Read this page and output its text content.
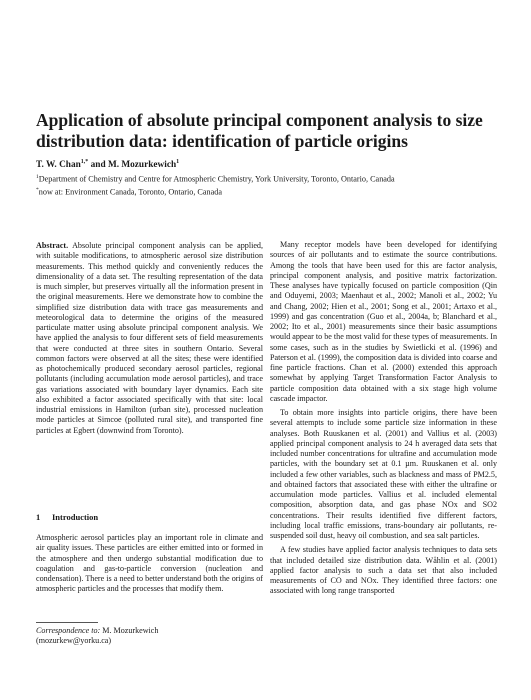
Application of absolute principal component analysis to size distribution data: identification of particle origins
T. W. Chan$^{1,*}$ and M. Mozurkewich$^1$
$^1$Department of Chemistry and Centre for Atmospheric Chemistry, York University, Toronto, Ontario, Canada
*now at: Environment Canada, Toronto, Ontario, Canada

Abstract. Absolute principal component analysis can be applied, with suitable modifications, to atmospheric aerosol size distribution measurements. This method quickly and conveniently reduces the dimensionality of a data set. The resulting representation of the data is much simpler, but preserves virtually all the information present in the original measurements. Here we demonstrate how to combine the simplified size distribution data with trace gas measurements and meteorological data to determine the origins of the measured particulate matter using absolute principal component analysis. We have applied the analysis to four different sets of field measurements that were conducted at three sites in southern Ontario. Several common factors were observed at all the sites; these were identified as photochemically produced secondary aerosol particles, regional pollutants (including accumulation mode aerosol particles), and trace gas variations associated with boundary layer dynamics. Each site also exhibited a factor associated specifically with that site: local industrial emissions in Hamilton (urban site), processed nucleation mode particles at Simcoe (polluted rural site), and transported fine particles at Egbert (downwind from Toronto).

1 Introduction

Atmospheric aerosol particles play an important role in climate and air quality issues. These particles are either emitted into or formed in the atmosphere and then undergo substantial modification due to coagulation and gas-to-particle conversion (nucleation and condensation). There is a need to better understand both the origins of atmospheric particles and the processes that modify them.

Correspondence to: M. Mozurkewich
(mozurkew@yorku.ca)

Many receptor models have been developed for identifying sources of air pollutants and to estimate the source contributions. Among the tools that have been used for this are factor analysis, principal component analysis, and positive matrix factorization. These analyses have typically focused on particle composition (Qin and Oduyemi, 2003; Maenhaut et al., 2002; Manoli et al., 2002; Yu and Chang, 2002; Hien et al., 2001; Song et al., 2001; Artaxo et al., 1999) and gas concentration (Guo et al., 2004a, b; Blanchard et al., 2002; Ito et al., 2001) measurements since their basic assumptions would appear to be the most valid for these types of measurements. In some cases, such as in the studies by Swietlicki et al. (1996) and Paterson et al. (1999), the composition data is divided into coarse and fine particle fractions. Chan et al. (2000) extended this approach somewhat by applying Target Transformation Factor Analysis to particle composition data obtained with a six stage high volume cascade impactor.

To obtain more insights into particle origins, there have been several attempts to include some particle size information in these analyses. Both Ruuskanen et al. (2001) and Vallius et al. (2003) applied principal component analysis to 24 h averaged data sets that included number concentrations for ultrafine and accumulation mode particles, with the boundary set at 0.1 µm. Ruuskanen et al. only included a few other variables, such as blackness and mass of PM2.5, and obtained factors that associated these with either the ultrafine or accumulation mode particles. Vallius et al. included elemental composition, absorption data, and gas phase NOx and SO2 concentrations. Their results identified five different factors, including local traffic emissions, trans-boundary air pollutants, re-suspended soil dust, heavy oil combustion, and sea salt particles.

A few studies have applied factor analysis techniques to data sets that included detailed size distribution data. Wåhlin et al. (2001) applied factor analysis to such a data set that also included measurements of CO and NOx. They identified three factors: one associated with long range transported
